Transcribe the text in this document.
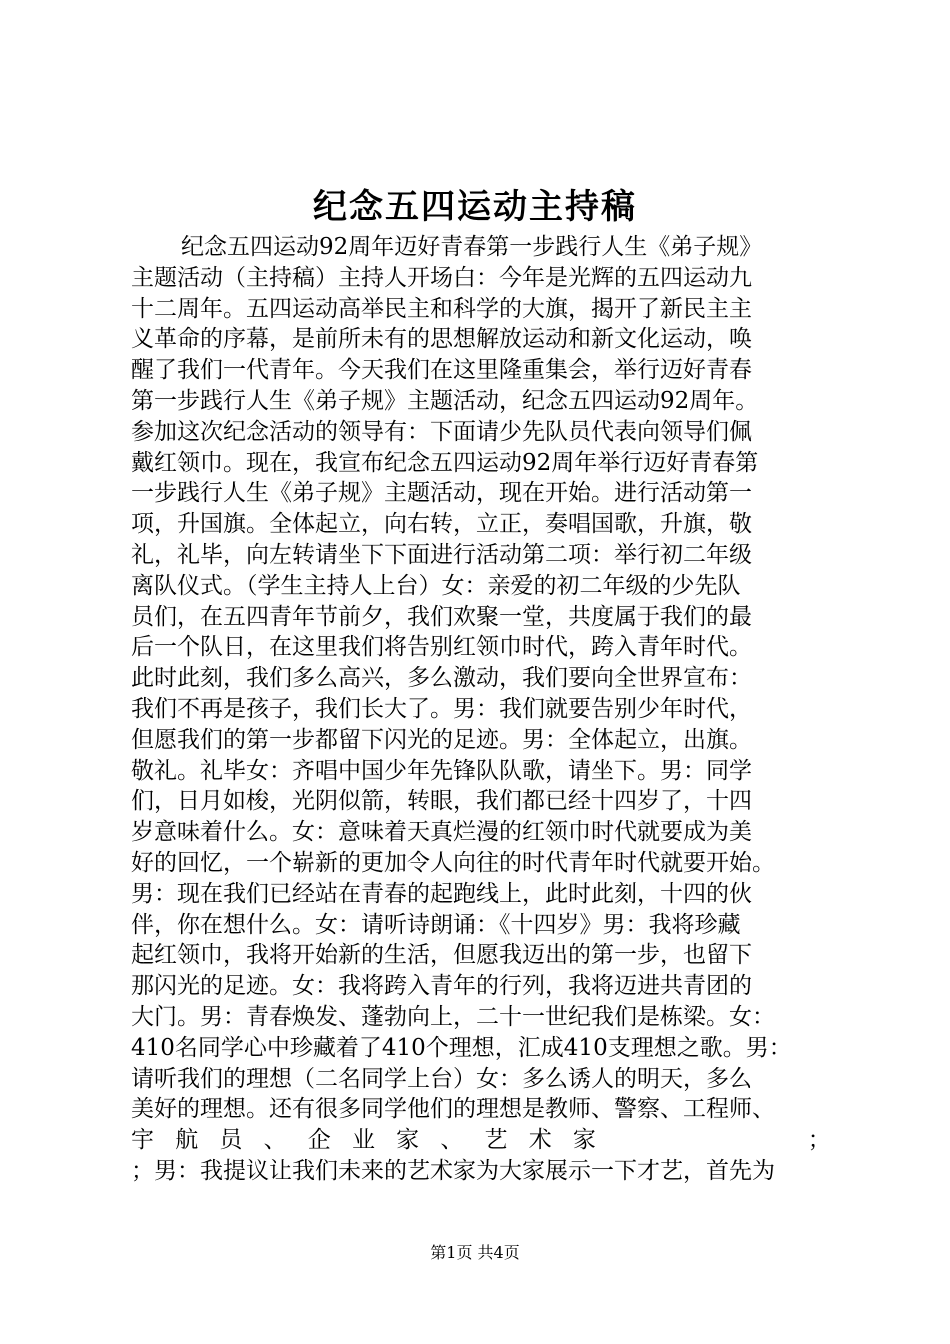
纪念五四运动主持稿
纪念五四运动92周年迈好青春第一步践行人生《弟子规》
主题活动（主持稿）主持人开场白：今年是光辉的五四运动九
十二周年。五四运动高举民主和科学的大旗，揭开了新民主主
义革命的序幕，是前所未有的思想解放运动和新文化运动，唤
醒了我们一代青年。今天我们在这里隆重集会，举行迈好青春
第一步践行人生《弟子规》主题活动，纪念五四运动92周年。
参加这次纪念活动的领导有：下面请少先队员代表向领导们佩
戴红领巾。现在，我宣布纪念五四运动92周年举行迈好青春第
一步践行人生《弟子规》主题活动，现在开始。进行活动第一
项，升国旗。全体起立，向右转，立正，奏唱国歌，升旗，敬
礼，礼毕，向左转请坐下下面进行活动第二项：举行初二年级
离队仪式。（学生主持人上台）女：亲爱的初二年级的少先队
员们，在五四青年节前夕，我们欢聚一堂，共度属于我们的最
后一个队日，在这里我们将告别红领巾时代，跨入青年时代。
此时此刻，我们多么高兴，多么激动，我们要向全世界宣布：
我们不再是孩子，我们长大了。男：我们就要告别少年时代，
但愿我们的第一步都留下闪光的足迹。男：全体起立，出旗。
敬礼。礼毕女：齐唱中国少年先锋队队歌，请坐下。男：同学
们，日月如梭，光阴似箭，转眼，我们都已经十四岁了，十四
岁意味着什么。女：意味着天真烂漫的红领巾时代就要成为美
好的回忆，一个崭新的更加令人向往的时代青年时代就要开始。
男：现在我们已经站在青春的起跑线上，此时此刻，十四的伙
伴，你在想什么。女：请听诗朗诵：《十四岁》男：我将珍藏
起红领巾，我将开始新的生活，但愿我迈出的第一步，也留下
那闪光的足迹。女：我将跨入青年的行列，我将迈进共青团的
大门。男：青春焕发、蓬勃向上，二十一世纪我们是栋梁。女：
410名同学心中珍藏着了410个理想，汇成410支理想之歌。男：
请听我们的理想（二名同学上台）女：多么诱人的明天，多么
美好的理想。还有很多同学他们的理想是教师、警察、工程师、
宇 航 员 、 企 业 家 、 艺 术 家	；
；男：我提议让我们未来的艺术家为大家展示一下才艺，首先为
第1页 共4页
